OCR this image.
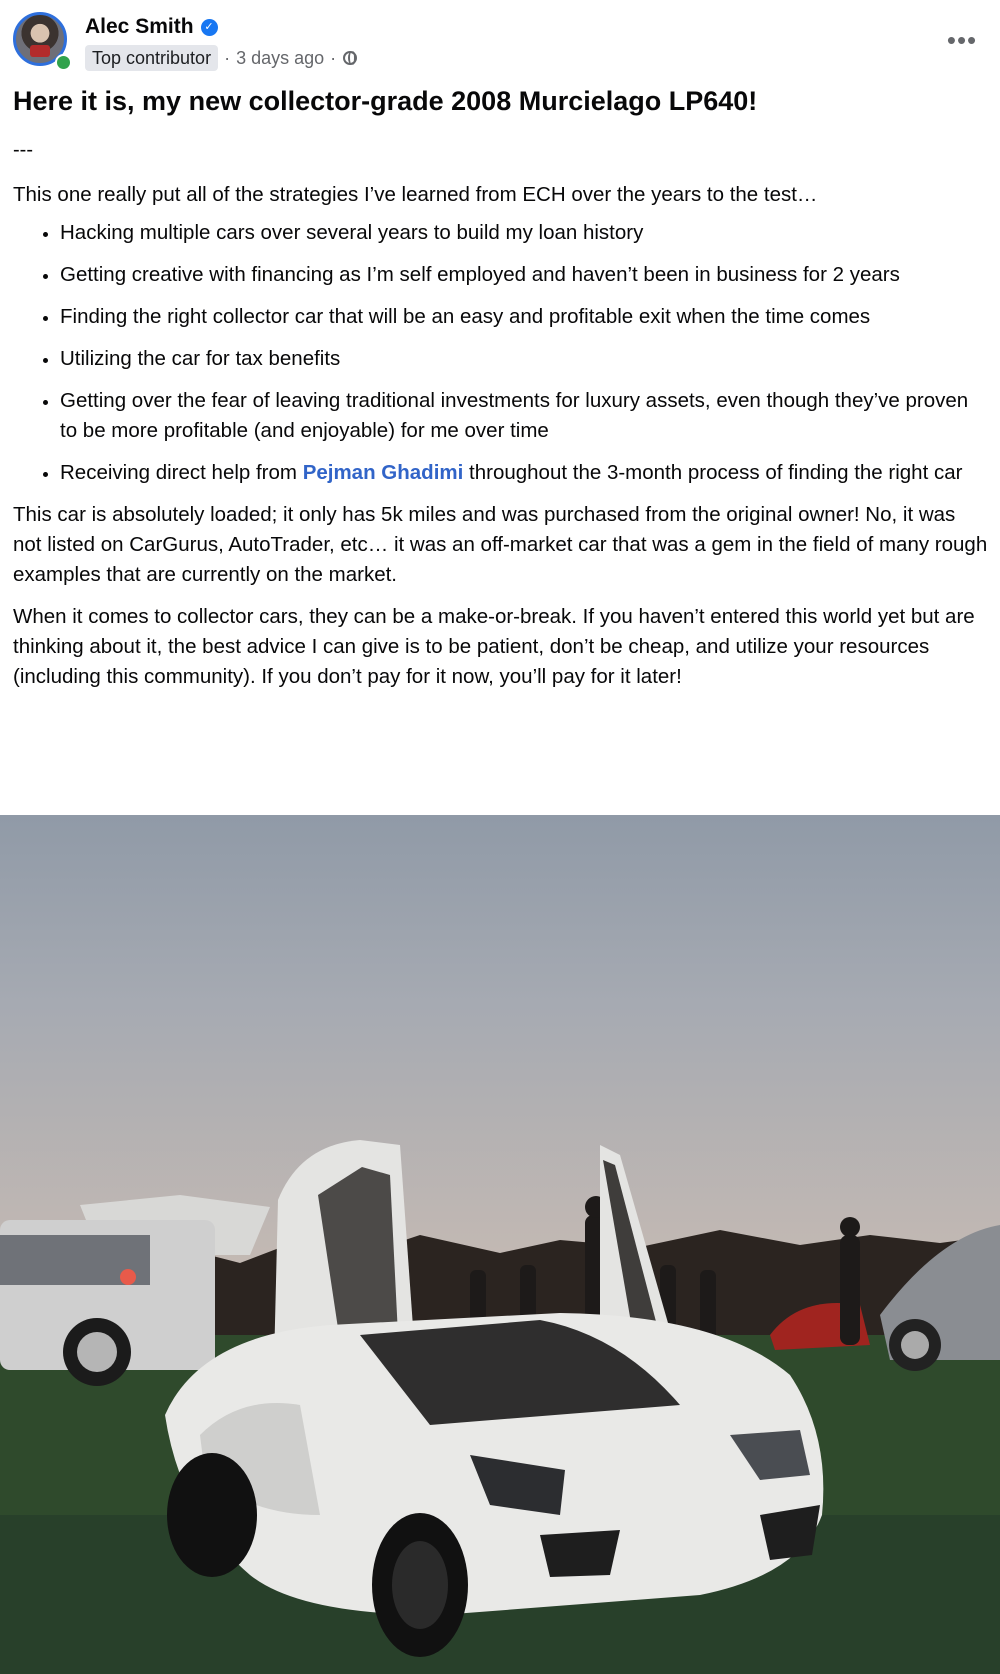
Alec Smith ✓
Top contributor · 3 days ago ·
•••
Here it is, my new collector-grade 2008 Murcielago LP640!
---

This one really put all of the strategies I’ve learned from ECH over the years to the test…

• Hacking multiple cars over several years to build my loan history
• Getting creative with financing as I’m self employed and haven’t been in business for 2 years
• Finding the right collector car that will be an easy and profitable exit when the time comes
• Utilizing the car for tax benefits
• Getting over the fear of leaving traditional investments for luxury assets, even though they’ve proven to be more profitable (and enjoyable) for me over time
• Receiving direct help from Pejman Ghadimi throughout the 3-month process of finding the right car

This car is absolutely loaded; it only has 5k miles and was purchased from the original owner! No, it was not listed on CarGurus, AutoTrader, etc… it was an off-market car that was a gem in the field of many rough examples that are currently on the market.

When it comes to collector cars, they can be a make-or-break. If you haven’t entered this world yet but are thinking about it, the best advice I can give is to be patient, don’t be cheap, and utilize your resources (including this community). If you don’t pay for it now, you’ll pay for it later!
